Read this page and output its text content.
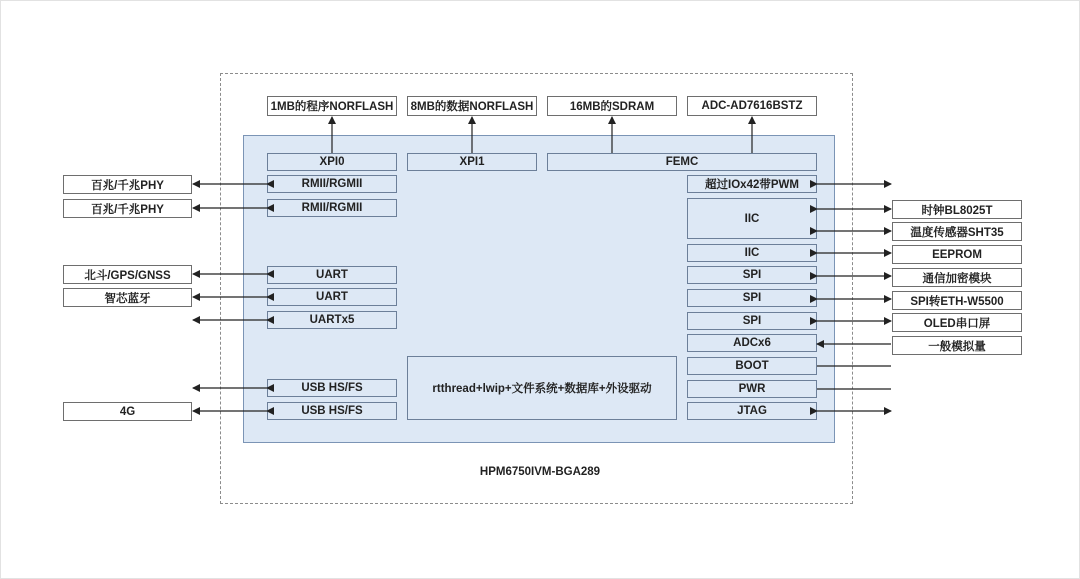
1MB的程序NORFLASH	8MB的数据NORFLASH	16MB的SDRAM	ADC-AD7616BSTZ
XPI0	XPI1	FEMC
RMII/RGMII
RMII/RGMII
UART
UART
UARTx5
USB HS/FS
USB HS/FS
rtthread+lwip+文件系统+数据库+外设驱动
超过IOx42带PWM
IIC
IIC
SPI
SPI
SPI
ADCx6
BOOT
PWR
JTAG
百兆/千兆PHY
百兆/千兆PHY
北斗/GPS/GNSS
智芯蓝牙
4G
时钟BL8025T
温度传感器SHT35
EEPROM
通信加密模块
SPI转ETH-W5500
OLED串口屏
一般模拟量
HPM6750IVM-BGA289
